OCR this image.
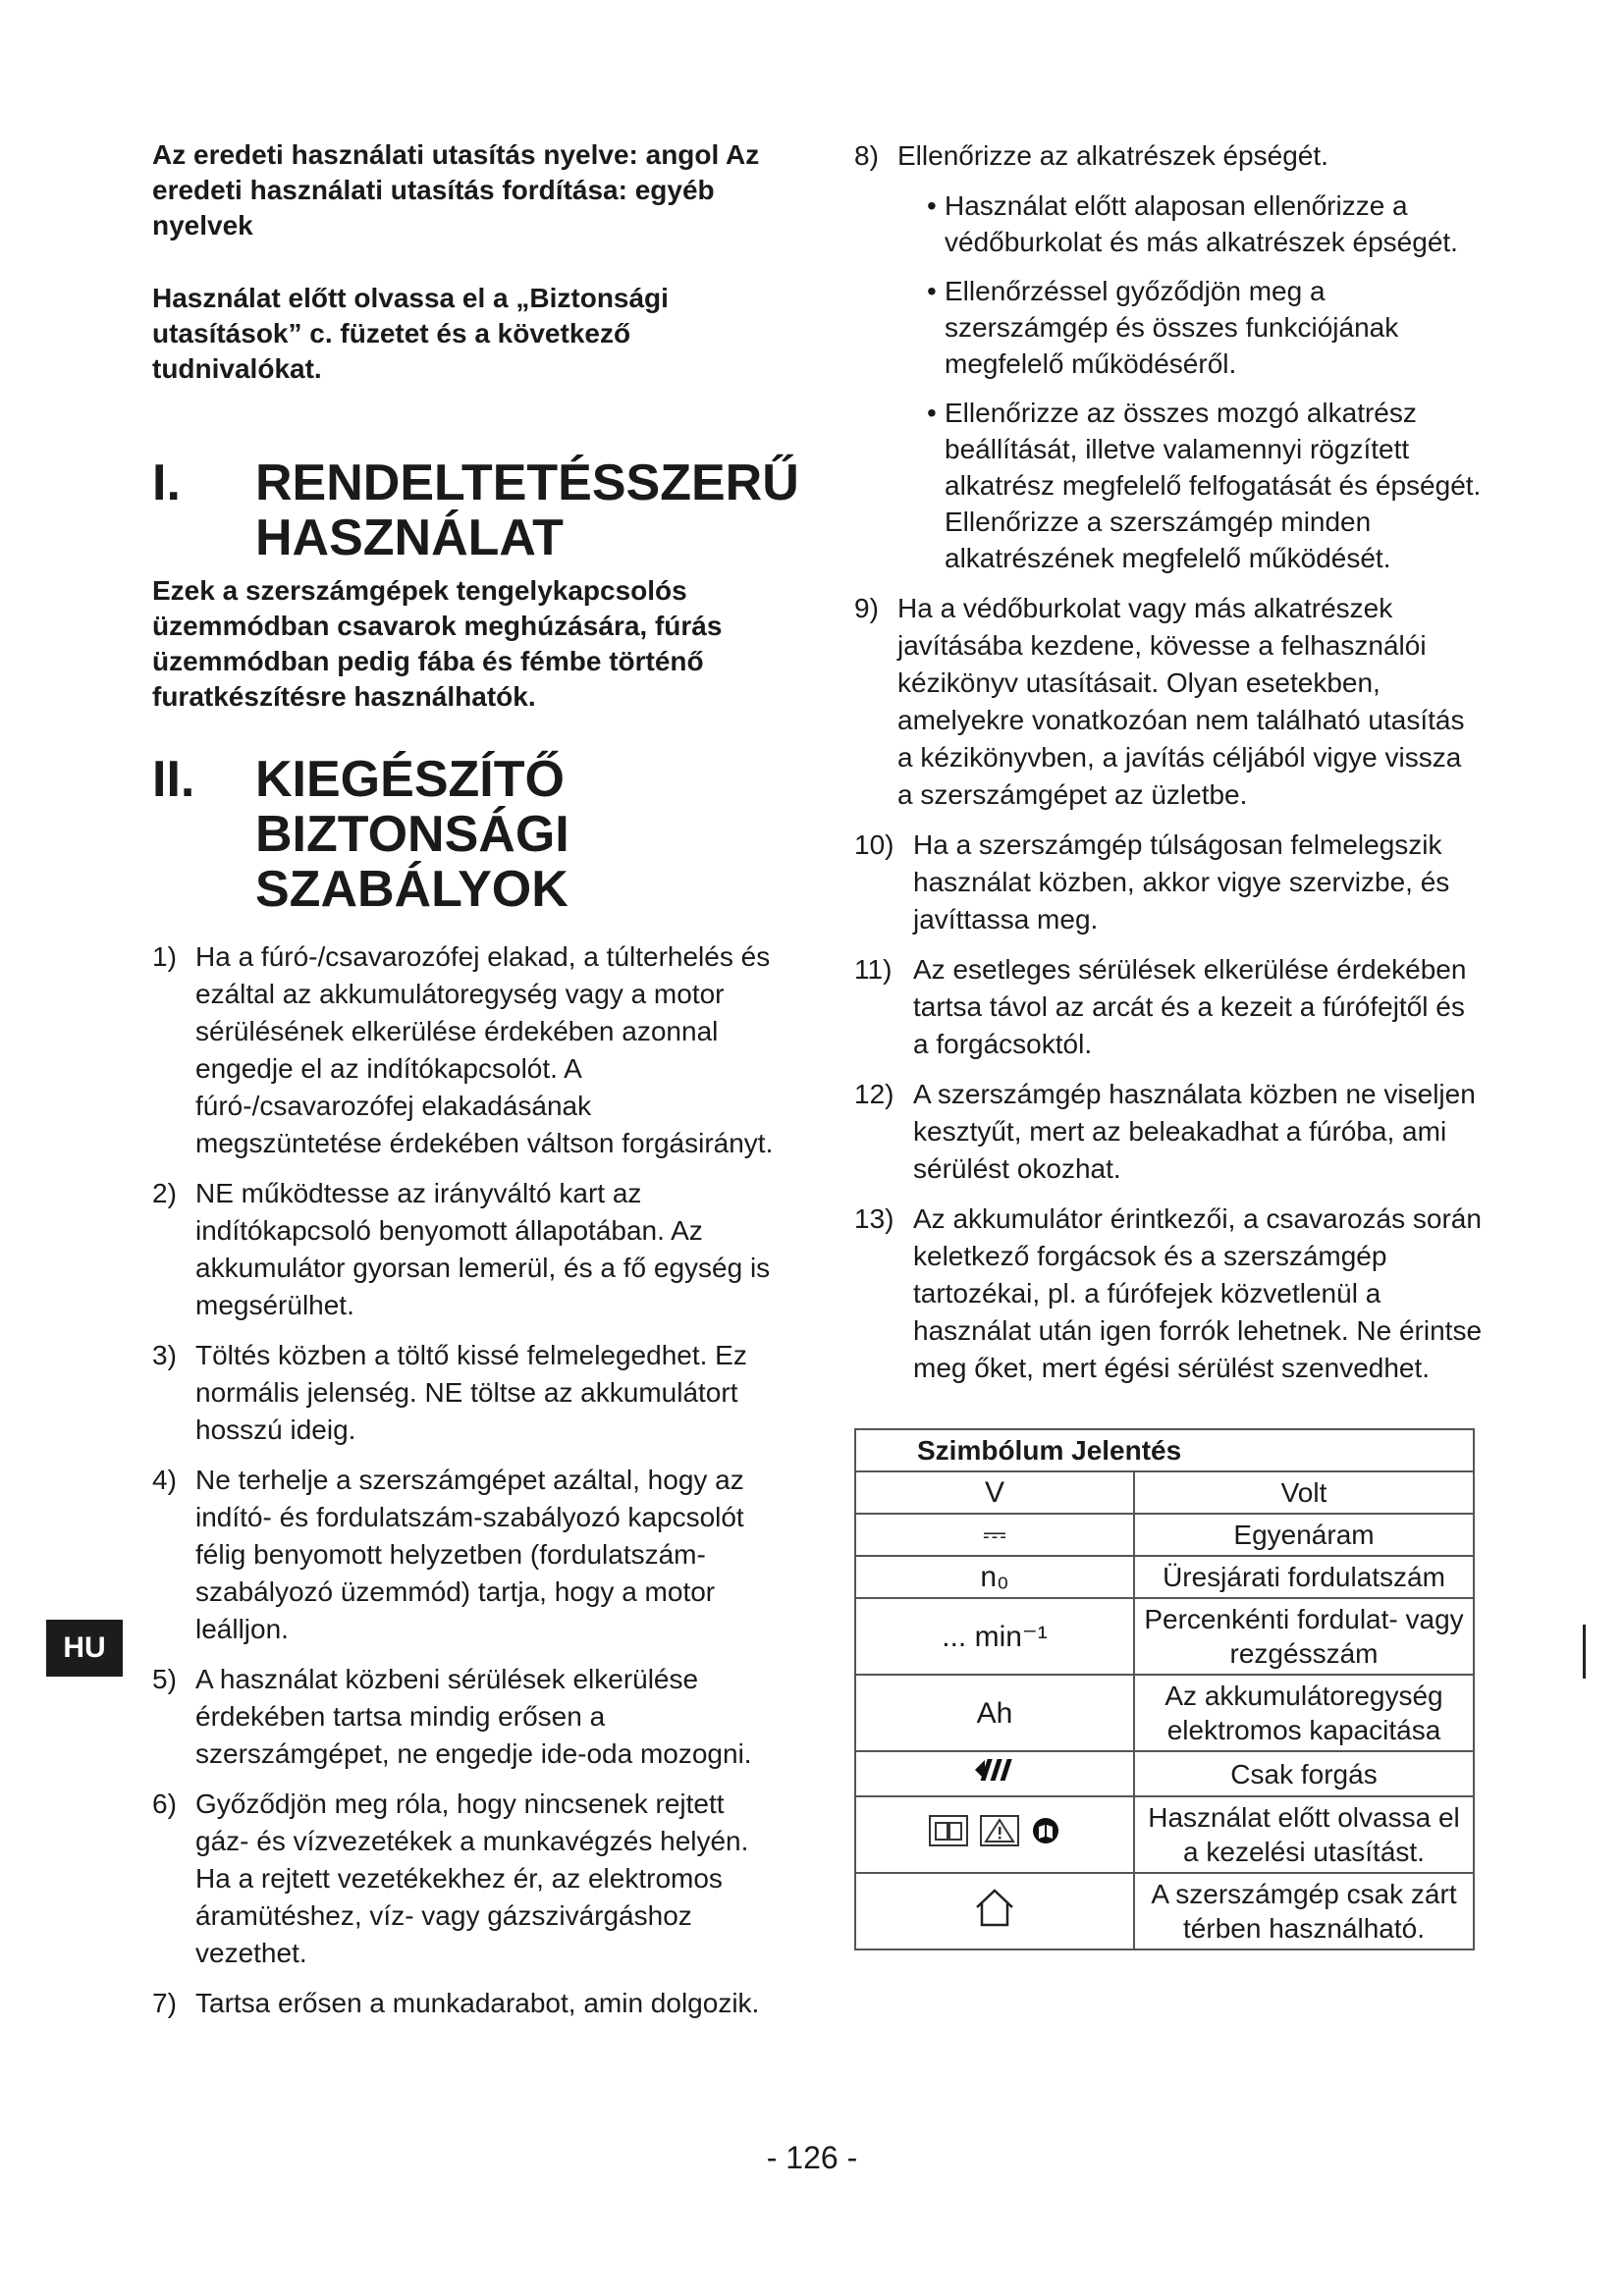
Az eredeti használati utasítás nyelve: angol Az eredeti használati utasítás fordítása: egyéb nyelvek

Használat előtt olvassa el a „Biztonsági utasítások” c. füzetet és a következő tudnivalókat.

I.	RENDELTETÉSSZERŰ HASZNÁLAT

Ezek a szerszámgépek tengelykapcsolós üzemmódban csavarok meghúzására, fúrás üzemmódban pedig fába és fémbe történő furatkészítésre használhatók.

II.	KIEGÉSZÍTŐ BIZTONSÁGI SZABÁLYOK
1) Ha a fúró-/csavarozófej elakad, a túlterhelés és ezáltal az akkumulátoregység vagy a motor sérülésének elkerülése érdekében azonnal engedje el az indítókapcsolót. A fúró-/csavarozófej elakadásának megszüntetése érdekében váltson forgásirányt.
2) NE működtesse az irányváltó kart az indítókapcsoló benyomott állapotában. Az akkumulátor gyorsan lemerül, és a fő egység is megsérülhet.
3) Töltés közben a töltő kissé felmelegedhet. Ez normális jelenség. NE töltse az akkumulátort hosszú ideig.
4) Ne terhelje a szerszámgépet azáltal, hogy az indító- és fordulatszám-szabályozó kapcsolót félig benyomott helyzetben (fordulatszám-szabályozó üzemmód) tartja, hogy a motor leálljon.
5) A használat közbeni sérülések elkerülése érdekében tartsa mindig erősen a szerszámgépet, ne engedje ide-oda mozogni.
6) Győződjön meg róla, hogy nincsenek rejtett gáz- és vízvezetékek a munkavégzés helyén. Ha a rejtett vezetékekhez ér, az elektromos áramütéshez, víz- vagy gázszivárgáshoz vezethet.
7) Tartsa erősen a munkadarabot, amin dolgozik.
8) Ellenőrizze az alkatrészek épségét.
• Használat előtt alaposan ellenőrizze a védőburkolat és más alkatrészek épségét.
• Ellenőrzéssel győződjön meg a szerszámgép és összes funkciójának megfelelő működéséről.
• Ellenőrizze az összes mozgó alkatrész beállítását, illetve valamennyi rögzített alkatrész megfelelő felfogatását és épségét. Ellenőrizze a szerszámgép minden alkatrészének megfelelő működését.
9) Ha a védőburkolat vagy más alkatrészek javításába kezdene, kövesse a felhasználói kézikönyv utasításait. Olyan esetekben, amelyekre vonatkozóan nem található utasítás a kézikönyvben, a javítás céljából vigye vissza a szerszámgépet az üzletbe.
10) Ha a szerszámgép túlságosan felmelegszik használat közben, akkor vigye szervizbe, és javíttassa meg.
11) Az esetleges sérülések elkerülése érdekében tartsa távol az arcát és a kezeit a fúrófejtől és a forgácsoktól.
12) A szerszámgép használata közben ne viseljen kesztyűt, mert az beleakadhat a fúróba, ami sérülést okozhat.
13) Az akkumulátor érintkezői, a csavarozás során keletkező forgácsok és a szerszámgép tartozékai, pl. a fúrófejek közvetlenül a használat után igen forrók lehetnek. Ne érintse meg őket, mert égési sérülést szenvedhet.
Szimbólum Jelentés	
V	Volt
⎓	Egyenáram
n₀	Üresjárati fordulatszám
... min⁻¹	Percenkénti fordulat- vagy rezgésszám
Ah	Az akkumulátoregység elektromos kapacitása
	Csak forgás

	Használat előtt olvassa el a kezelési utasítást.
	A szerszámgép csak zárt térben használható.
HU
- 126 -
